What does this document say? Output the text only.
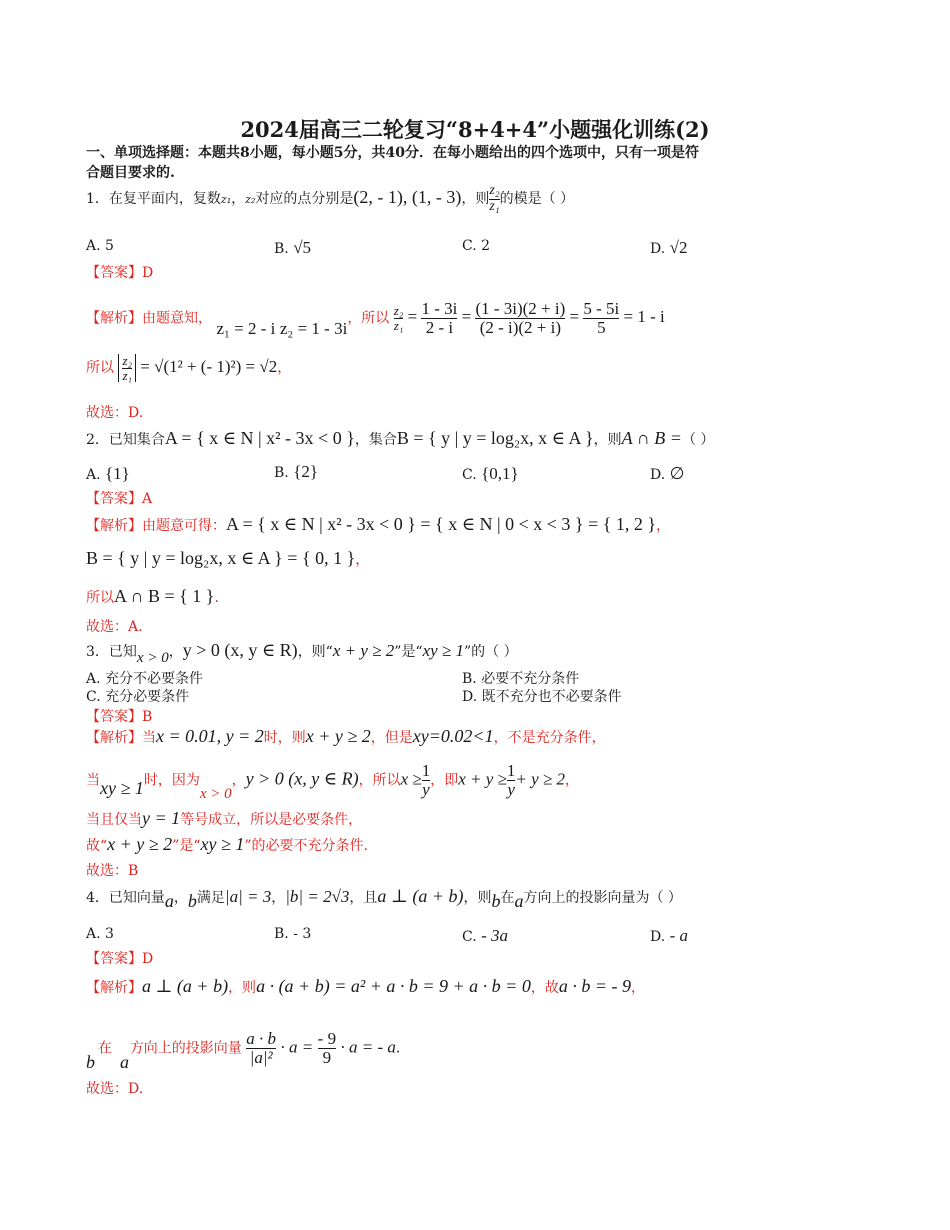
2024届高三二轮复习“8+4+4”小题强化训练(2)
一、单项选择题：本题共8小题，每小题5分，共40分．在每小题给出的四个选项中，只有一项是符
合题目要求的.
1．在复平面内，复数z₁，z₂对应的点分别是(2, - 1), (1, - 3)，则 $\frac{\text{z₂}}{\text{z₁}}$ 的模是（ ）
A. 5	B. √5	C. 2	D. √2
【答案】D
【解析】由题意知， z₁ = 2 - i z₂ = 1 - 3i，所以 $\frac{\text{z₂}}{\text{z₁}} = \frac{1 - 3i}{2 - i} = \frac{(1 - 3i)(2 + i)}{(2 - i)(2 + i)} = \frac{5 - 5i}{5} = 1 - i$
所以 $\frac{\text{z₂}}{\text{z₁}} = √(1^2$ + (- 1)²) = √2，
故选：D.
2．已知集合A = { x ∈ N | x² - 3x < 0 }，集合B = { y | y = log₂x, x ∈ A }，则A ∩ B =（ ）
A. {1}	B. {2}	C. {0,1}	D. ∅
【答案】A
【解析】由题意可得：A = { x ∈ N | x² - 3x < 0 } = { x ∈ N | 0 < x < 3 } = { 1, 2 }，
B = { y | y = log₂x, x ∈ A } = { 0, 1 }，
所以A ∩ B = { 1 }.
故选：A.
3．已知x > 0，y > 0 (x, y ∈ R)，则“x + y ≥ 2”是“xy ≥ 1”的（ ）
A. 充分不必要条件	B. 必要不充分条件
C. 充分必要条件	D. 既不充分也不必要条件
【答案】B
【解析】当x = 0.01, y = 2时，则x + y ≥ 2，但是xy=0.02<1，不是充分条件，
当xy ≥ 1时，因为x > 0，y > 0 (x, y ∈ R)，所以$x \ge \frac{1}{y}$ ，即$x + y \ge \frac{1}{y} + y \ge 2$，
当且仅当y = 1等号成立，所以是必要条件，
故“x + y ≥ 2”是“xy ≥ 1”的必要不充分条件.
故选：B
4．已知向量a，b满足|a| = 3，|b| = 2√3，且a ⊥ (a + b)，则b在a方向上的投影向量为（ ）
A. 3	B. - 3	C. - 3a	D. - a
【答案】D
【解析】a ⊥ (a + b)，则a · (a + b) = a² + a · b = 9 + a · b = 0，故a · b = - 9，
在 方向上的投影向量 $\frac{a \cdot b}{\text{|a|²}} \cdot a = \frac{- 9}{9} \cdot a$ = - a.
b a
故选：D.
